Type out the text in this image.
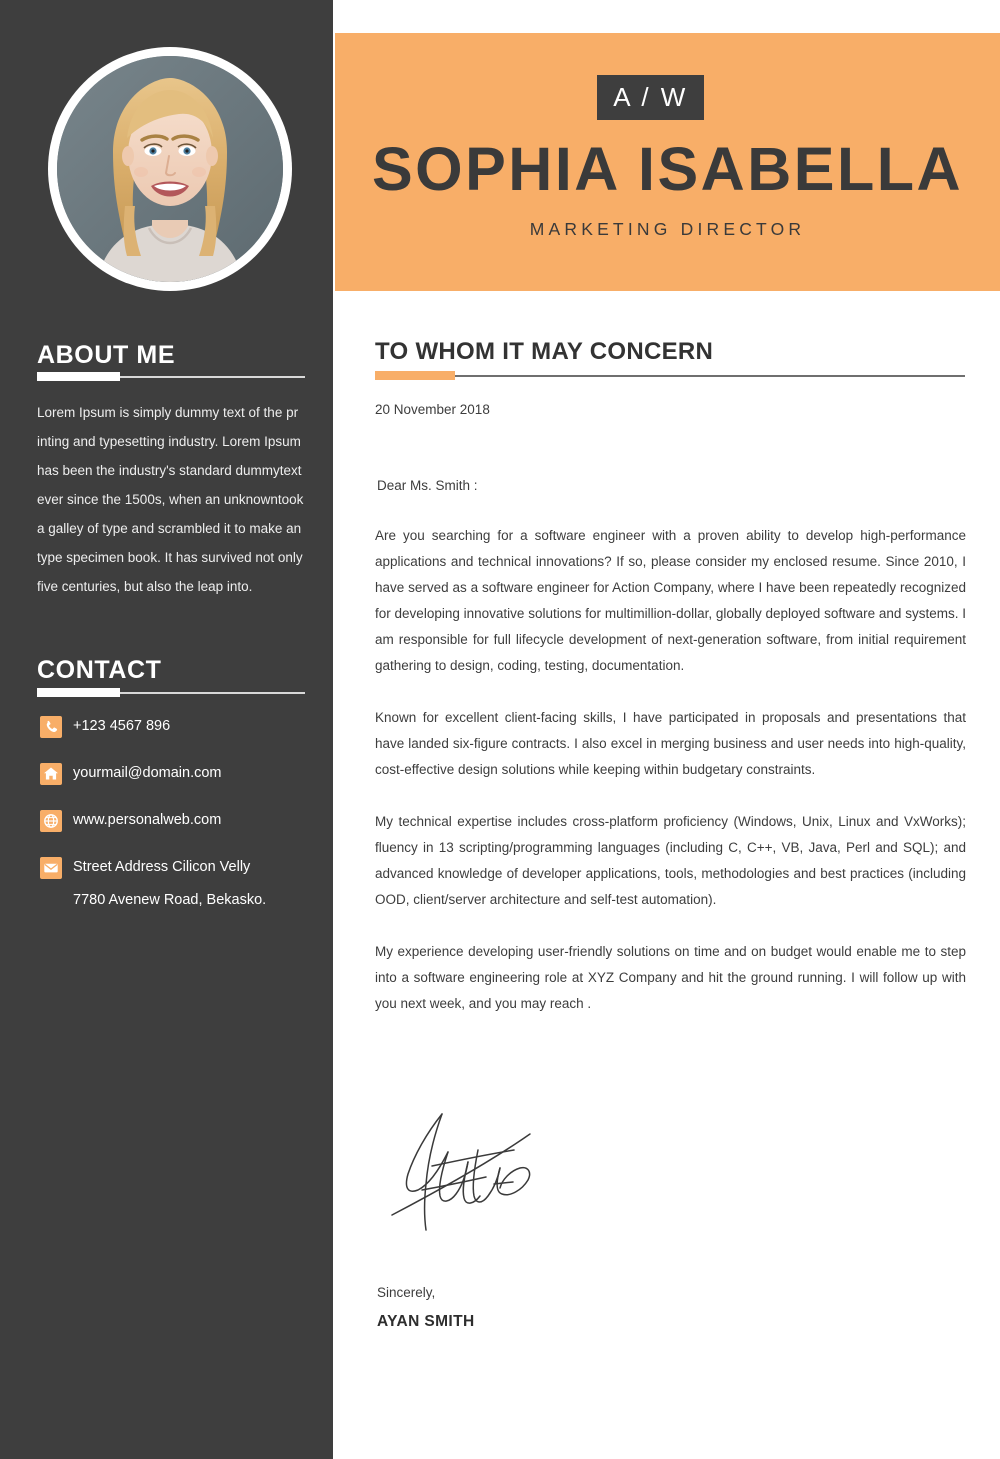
ABOUT ME
Lorem Ipsum is simply dummy text of the pr inting and typesetting industry. Lorem Ipsum has been the industry's standard dummytext ever since the 1500s, when an unknowntook a galley of type and scrambled it to make an type specimen book. It has survived not only five centuries, but also the leap into.
CONTACT
+123 4567 896
yourmail@domain.com
www.personalweb.com
Street Address Cilicon Velly
7780 Avenew Road, Bekasko.
A / W
SOPHIA ISABELLA
MARKETING DIRECTOR
TO WHOM IT MAY CONCERN
20 November 2018
Dear Ms. Smith :

Are you searching for a software engineer with a proven ability to develop high-performance applications and technical innovations? If so, please consider my enclosed resume. Since 2010, I have served as a software engineer for Action Company, where I have been repeatedly recognized for developing innovative solutions for multimillion-dollar, globally deployed software and systems. I am responsible for full lifecycle development of next-generation software, from initial requirement gathering to design, coding, testing, documentation.

Known for excellent client-facing skills, I have participated in proposals and presentations that have landed six-figure contracts. I also excel in merging business and user needs into high-quality, cost-effective design solutions while keeping within budgetary constraints.

My technical expertise includes cross-platform proficiency (Windows, Unix, Linux and VxWorks); fluency in 13 scripting/programming languages (including C, C++, VB, Java, Perl and SQL); and advanced knowledge of developer applications, tools, methodologies and best practices (including OOD, client/server architecture and self-test automation).

My experience developing user-friendly solutions on time and on budget would enable me to step into a software engineering role at XYZ Company and hit the ground running. I will follow up with you next week, and you may reach .

Sincerely,
AYAN SMITH
